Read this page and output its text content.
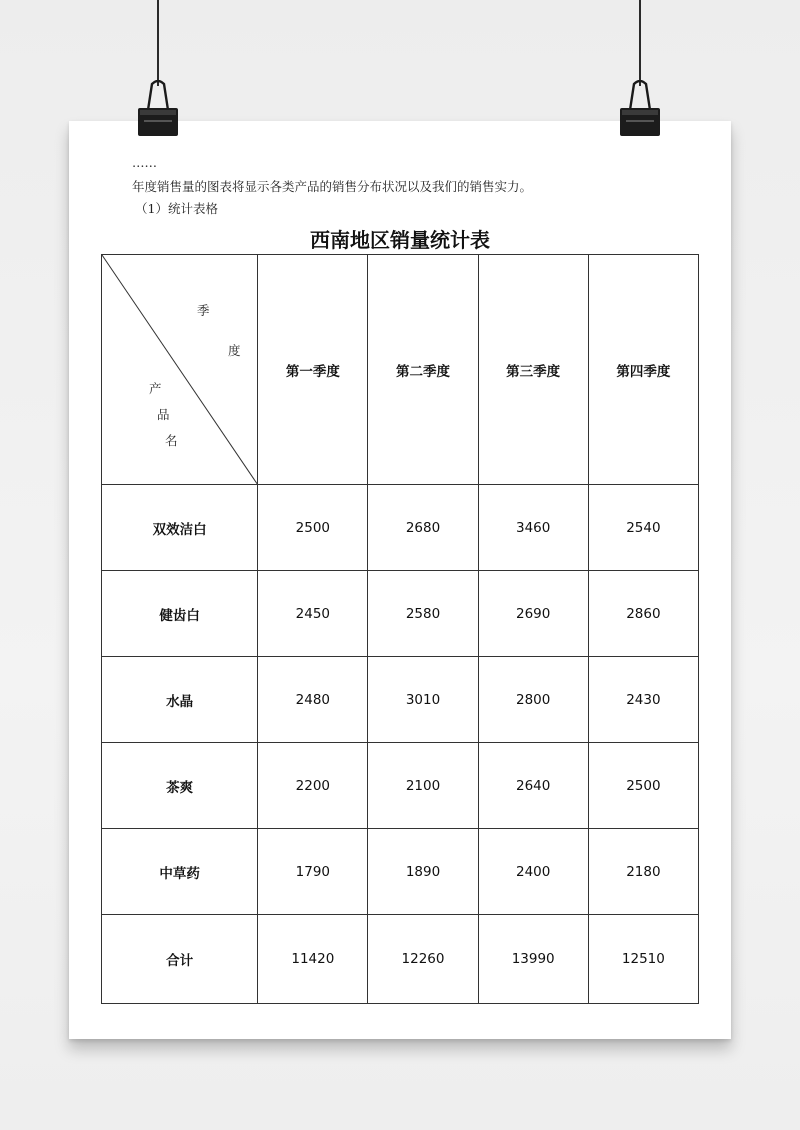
……
年度销售量的图表将显示各类产品的销售分布状况以及我们的销售实力。
（1）统计表格
西南地区销量统计表
季
度
产
品
名	第一季度	第二季度	第三季度	第四季度
双效洁白	2500	2680	3460	2540
健齿白	2450	2580	2690	2860
水晶	2480	3010	2800	2430
茶爽	2200	2100	2640	2500
中草药	1790	1890	2400	2180
合计	11420	12260	13990	12510
